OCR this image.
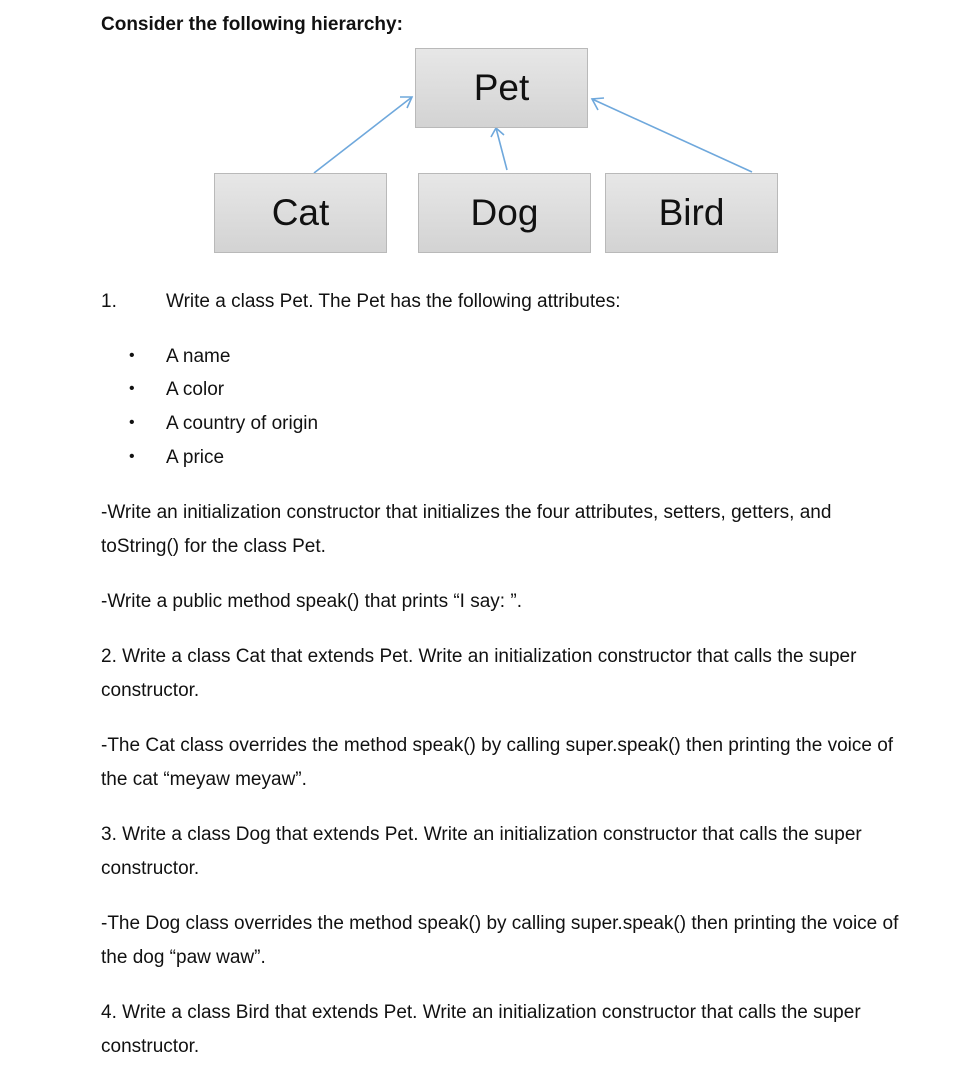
Consider the following hierarchy:
Pet
Cat	Dog	Bird
1.	Write a class Pet. The Pet has the following attributes:
• A name
• A color
• A country of origin
• A price
-Write an initialization constructor that initializes the four attributes, setters, getters, and
toString() for the class Pet.
-Write a public method speak() that prints “I say: ”.
2. Write a class Cat that extends Pet. Write an initialization constructor that calls the super
constructor.
-The Cat class overrides the method speak() by calling super.speak() then printing the voice of
the cat “meyaw meyaw”.
3. Write a class Dog that extends Pet. Write an initialization constructor that calls the super
constructor.
-The Dog class overrides the method speak() by calling super.speak() then printing the voice of
the dog “paw waw”.
4. Write a class Bird that extends Pet. Write an initialization constructor that calls the super
constructor.
